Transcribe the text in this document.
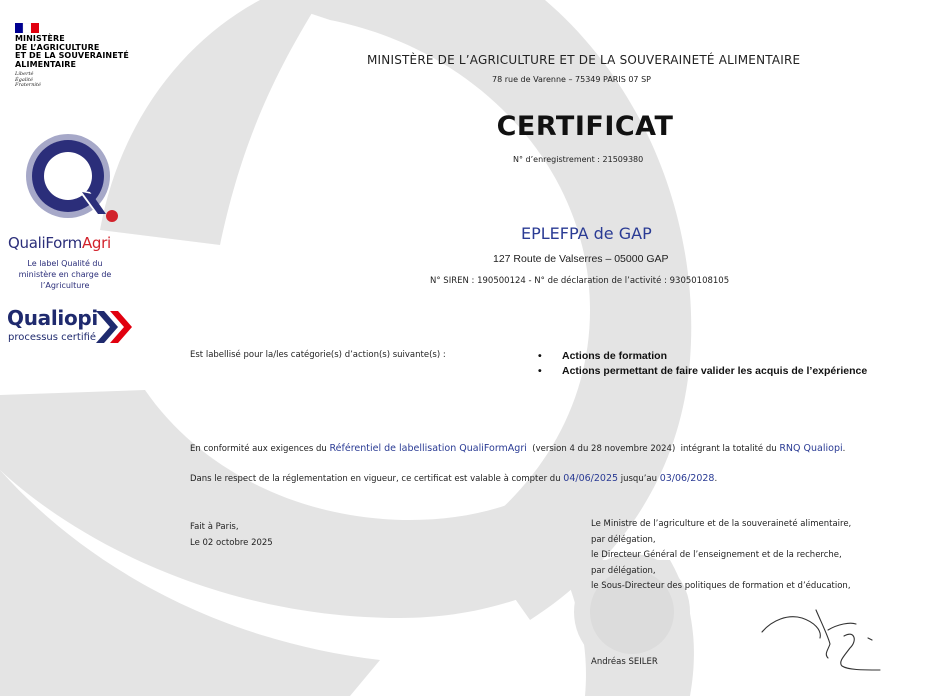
MINISTÈRE
DE L’AGRICULTURE
ET DE LA SOUVERAINETÉ
ALIMENTAIRE
Liberté
Égalité
Fraternité
QualiFormAgri
Le label Qualité du ministère en charge de l’Agriculture
Qualiopi
processus certifié
MINISTÈRE DE L’AGRICULTURE ET DE LA SOUVERAINETÉ ALIMENTAIRE
78 rue de Varenne – 75349 PARIS 07 SP
CERTIFICAT
N° d’enregistrement : 21509380
EPLEFPA de GAP
127 Route de Valserres – 05000 GAP
N° SIREN : 190500124 - N° de déclaration de l’activité : 93050108105
Est labellisé pour la/les catégorie(s) d’action(s) suivante(s) :	• Actions de formation
• Actions permettant de faire valider les acquis de l’expérience
En conformité aux exigences du Référentiel de labellisation QualiFormAgri  (version 4 du 28 novembre 2024)  intégrant la totalité du RNQ Qualiopi.
Dans le respect de la réglementation en vigueur, ce certificat est valable à compter du 04/06/2025 jusqu’au 03/06/2028.
Fait à Paris,
Le 02 octobre 2025
Le Ministre de l’agriculture et de la souveraineté alimentaire,
par délégation,
le Directeur Général de l’enseignement et de la recherche,
par délégation,
le Sous-Directeur des politiques de formation et d’éducation,
Andréas SEILER
